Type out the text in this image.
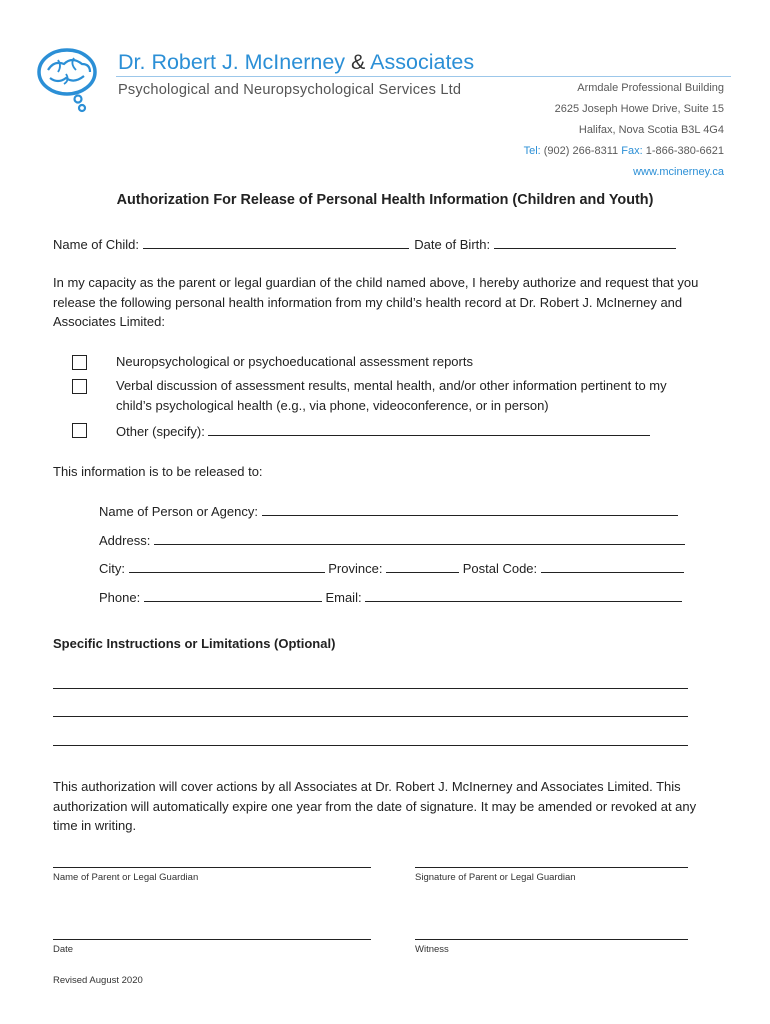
Dr. Robert J. McInerney & Associates
Psychological and Neuropsychological Services Ltd	Armdale Professional Building
2625 Joseph Howe Drive, Suite 15
Halifax, Nova Scotia B3L 4G4
Tel: (902) 266-8311 Fax: 1-866-380-6621
www.mcinerney.ca
Authorization For Release of Personal Health Information (Children and Youth)
Name of Child:	Date of Birth:
In my capacity as the parent or legal guardian of the child named above, I hereby authorize and request that you release the following personal health information from my child’s health record at Dr. Robert J. McInerney and Associates Limited:
Neuropsychological or psychoeducational assessment reports
Verbal discussion of assessment results, mental health, and/or other information pertinent to my child’s psychological health (e.g., via phone, videoconference, or in person)
Other (specify):
This information is to be released to:
Name of Person or Agency:
Address:
City:	Province:	Postal Code:
Phone:	Email:
Specific Instructions or Limitations (Optional)
This authorization will cover actions by all Associates at Dr. Robert J. McInerney and Associates Limited. This authorization will automatically expire one year from the date of signature. It may be amended or revoked at any time in writing.
Name of Parent or Legal Guardian	Signature of Parent or Legal Guardian
Date	Witness
Revised August 2020
